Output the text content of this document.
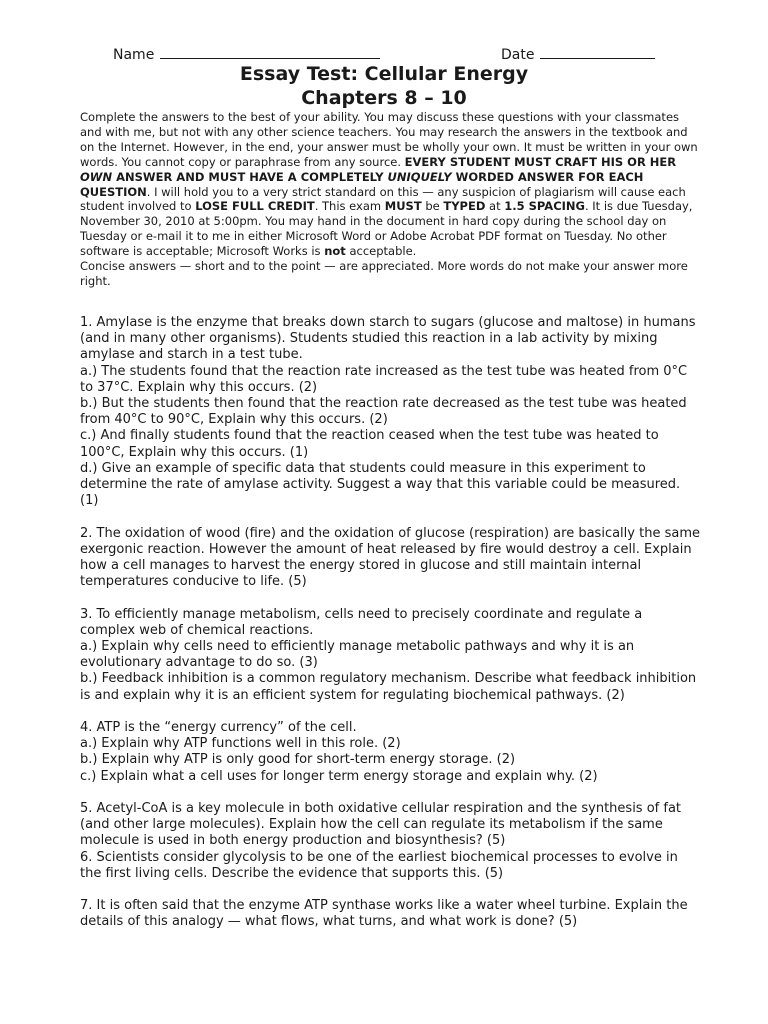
Name	Date
Essay Test: Cellular Energy
Chapters 8 – 10

Complete the answers to the best of your ability. You may discuss these questions with your classmates and with me, but not with any other science teachers. You may research the answers in the textbook and on the Internet. However, in the end, your answer must be wholly your own. It must be written in your own words. You cannot copy or paraphrase from any source. EVERY STUDENT MUST CRAFT HIS OR HER OWN ANSWER AND MUST HAVE A COMPLETELY UNIQUELY WORDED ANSWER FOR EACH QUESTION. I will hold you to a very strict standard on this — any suspicion of plagiarism will cause each student involved to LOSE FULL CREDIT. This exam MUST be TYPED at 1.5 SPACING. It is due Tuesday, November 30, 2010 at 5:00pm. You may hand in the document in hard copy during the school day on Tuesday or e-mail it to me in either Microsoft Word or Adobe Acrobat PDF format on Tuesday. No other software is acceptable; Microsoft Works is not acceptable.

Concise answers — short and to the point — are appreciated. More words do not make your answer more right.

1. Amylase is the enzyme that breaks down starch to sugars (glucose and maltose) in humans (and in many other organisms). Students studied this reaction in a lab activity by mixing amylase and starch in a test tube.

a.) The students found that the reaction rate increased as the test tube was heated from 0°C to 37°C. Explain why this occurs. (2)

b.) But the students then found that the reaction rate decreased as the test tube was heated from 40°C to 90°C, Explain why this occurs. (2)

c.) And finally students found that the reaction ceased when the test tube was heated to 100°C, Explain why this occurs. (1)

d.) Give an example of specific data that students could measure in this experiment to determine the rate of amylase activity. Suggest a way that this variable could be measured. (1)

2. The oxidation of wood (fire) and the oxidation of glucose (respiration) are basically the same exergonic reaction. However the amount of heat released by fire would destroy a cell. Explain how a cell manages to harvest the energy stored in glucose and still maintain internal temperatures conducive to life. (5)

3. To efficiently manage metabolism, cells need to precisely coordinate and regulate a complex web of chemical reactions.

a.) Explain why cells need to efficiently manage metabolic pathways and why it is an evolutionary advantage to do so. (3)

b.) Feedback inhibition is a common regulatory mechanism. Describe what feedback inhibition is and explain why it is an efficient system for regulating biochemical pathways. (2)

4. ATP is the “energy currency” of the cell.

a.) Explain why ATP functions well in this role. (2)

b.) Explain why ATP is only good for short-term energy storage. (2)

c.) Explain what a cell uses for longer term energy storage and explain why. (2)

5. Acetyl-CoA is a key molecule in both oxidative cellular respiration and the synthesis of fat (and other large molecules). Explain how the cell can regulate its metabolism if the same molecule is used in both energy production and biosynthesis? (5)

6. Scientists consider glycolysis to be one of the earliest biochemical processes to evolve in the first living cells. Describe the evidence that supports this. (5)

7. It is often said that the enzyme ATP synthase works like a water wheel turbine. Explain the details of this analogy — what flows, what turns, and what work is done? (5)
